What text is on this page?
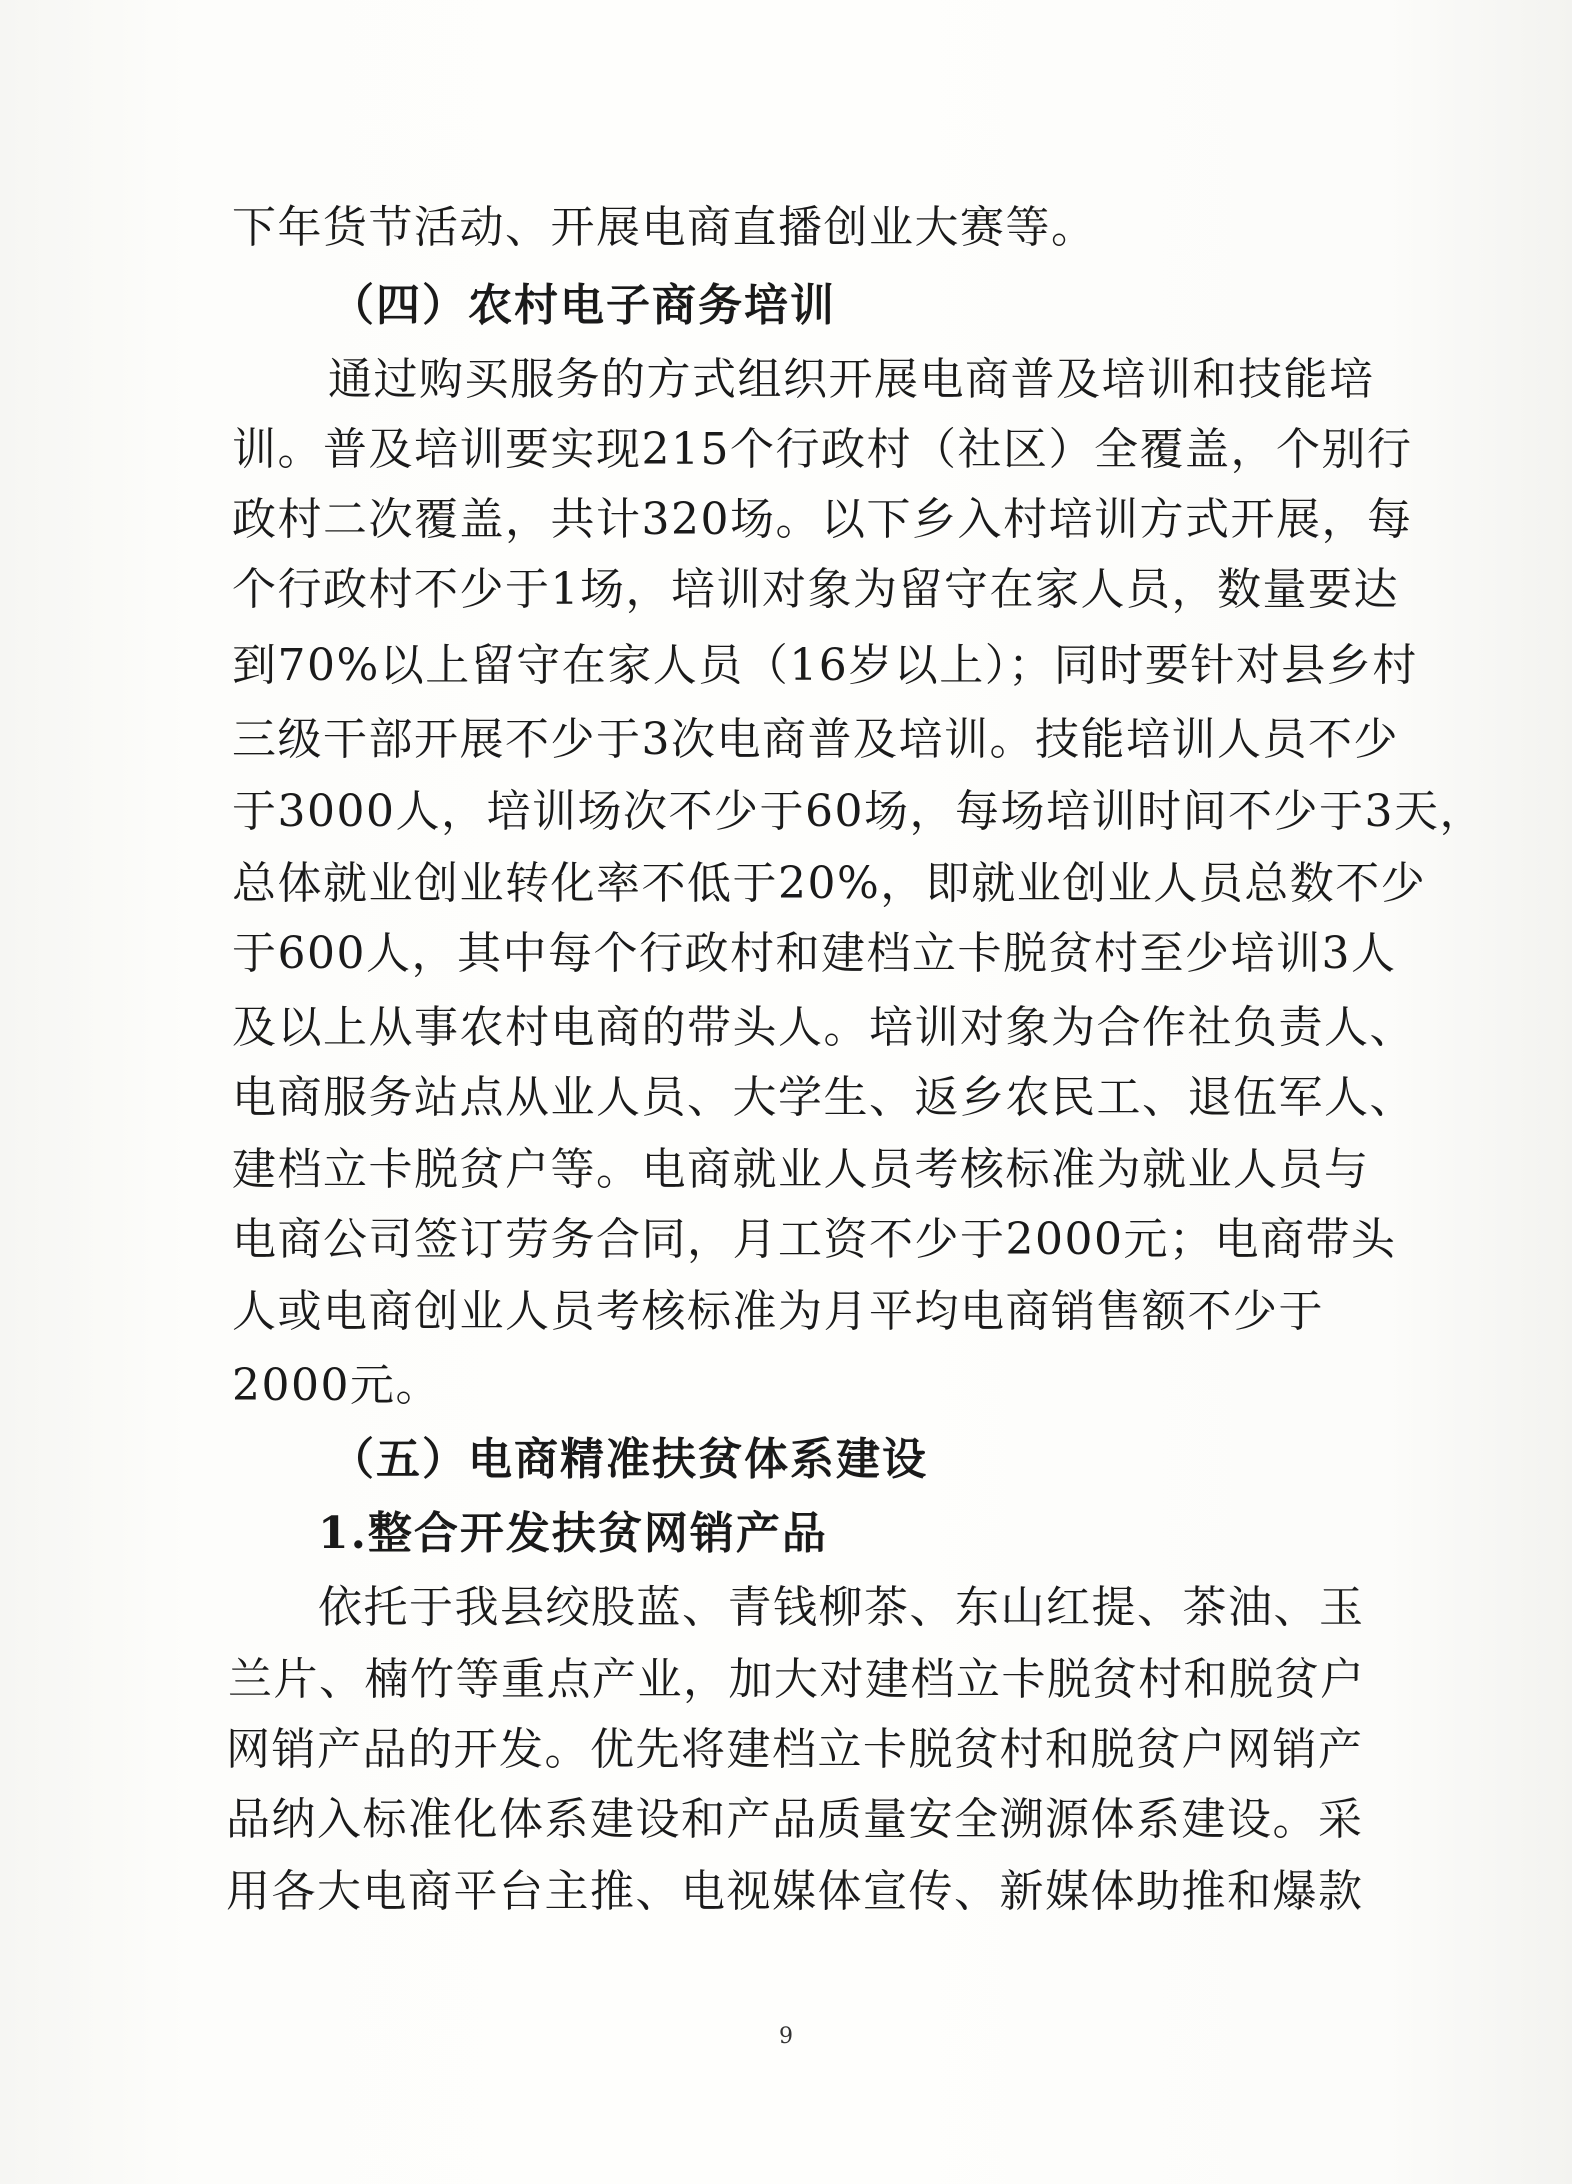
下年货节活动、开展电商直播创业大赛等。
（四）农村电子商务培训
通过购买服务的方式组织开展电商普及培训和技能培
训。普及培训要实现215个行政村（社区）全覆盖，个别行
政村二次覆盖，共计320场。以下乡入村培训方式开展，每
个行政村不少于1场，培训对象为留守在家人员，数量要达
到70%以上留守在家人员（16岁以上）；同时要针对县乡村
三级干部开展不少于3次电商普及培训。技能培训人员不少
于3000人，培训场次不少于60场，每场培训时间不少于3天，
总体就业创业转化率不低于20%，即就业创业人员总数不少
于600人，其中每个行政村和建档立卡脱贫村至少培训3人
及以上从事农村电商的带头人。培训对象为合作社负责人、
电商服务站点从业人员、大学生、返乡农民工、退伍军人、
建档立卡脱贫户等。电商就业人员考核标准为就业人员与
电商公司签订劳务合同，月工资不少于2000元；电商带头
人或电商创业人员考核标准为月平均电商销售额不少于
2000元。
（五）电商精准扶贫体系建设
1.整合开发扶贫网销产品
依托于我县绞股蓝、青钱柳茶、东山红提、茶油、玉
兰片、楠竹等重点产业，加大对建档立卡脱贫村和脱贫户
网销产品的开发。优先将建档立卡脱贫村和脱贫户网销产
品纳入标准化体系建设和产品质量安全溯源体系建设。采
用各大电商平台主推、电视媒体宣传、新媒体助推和爆款
9
